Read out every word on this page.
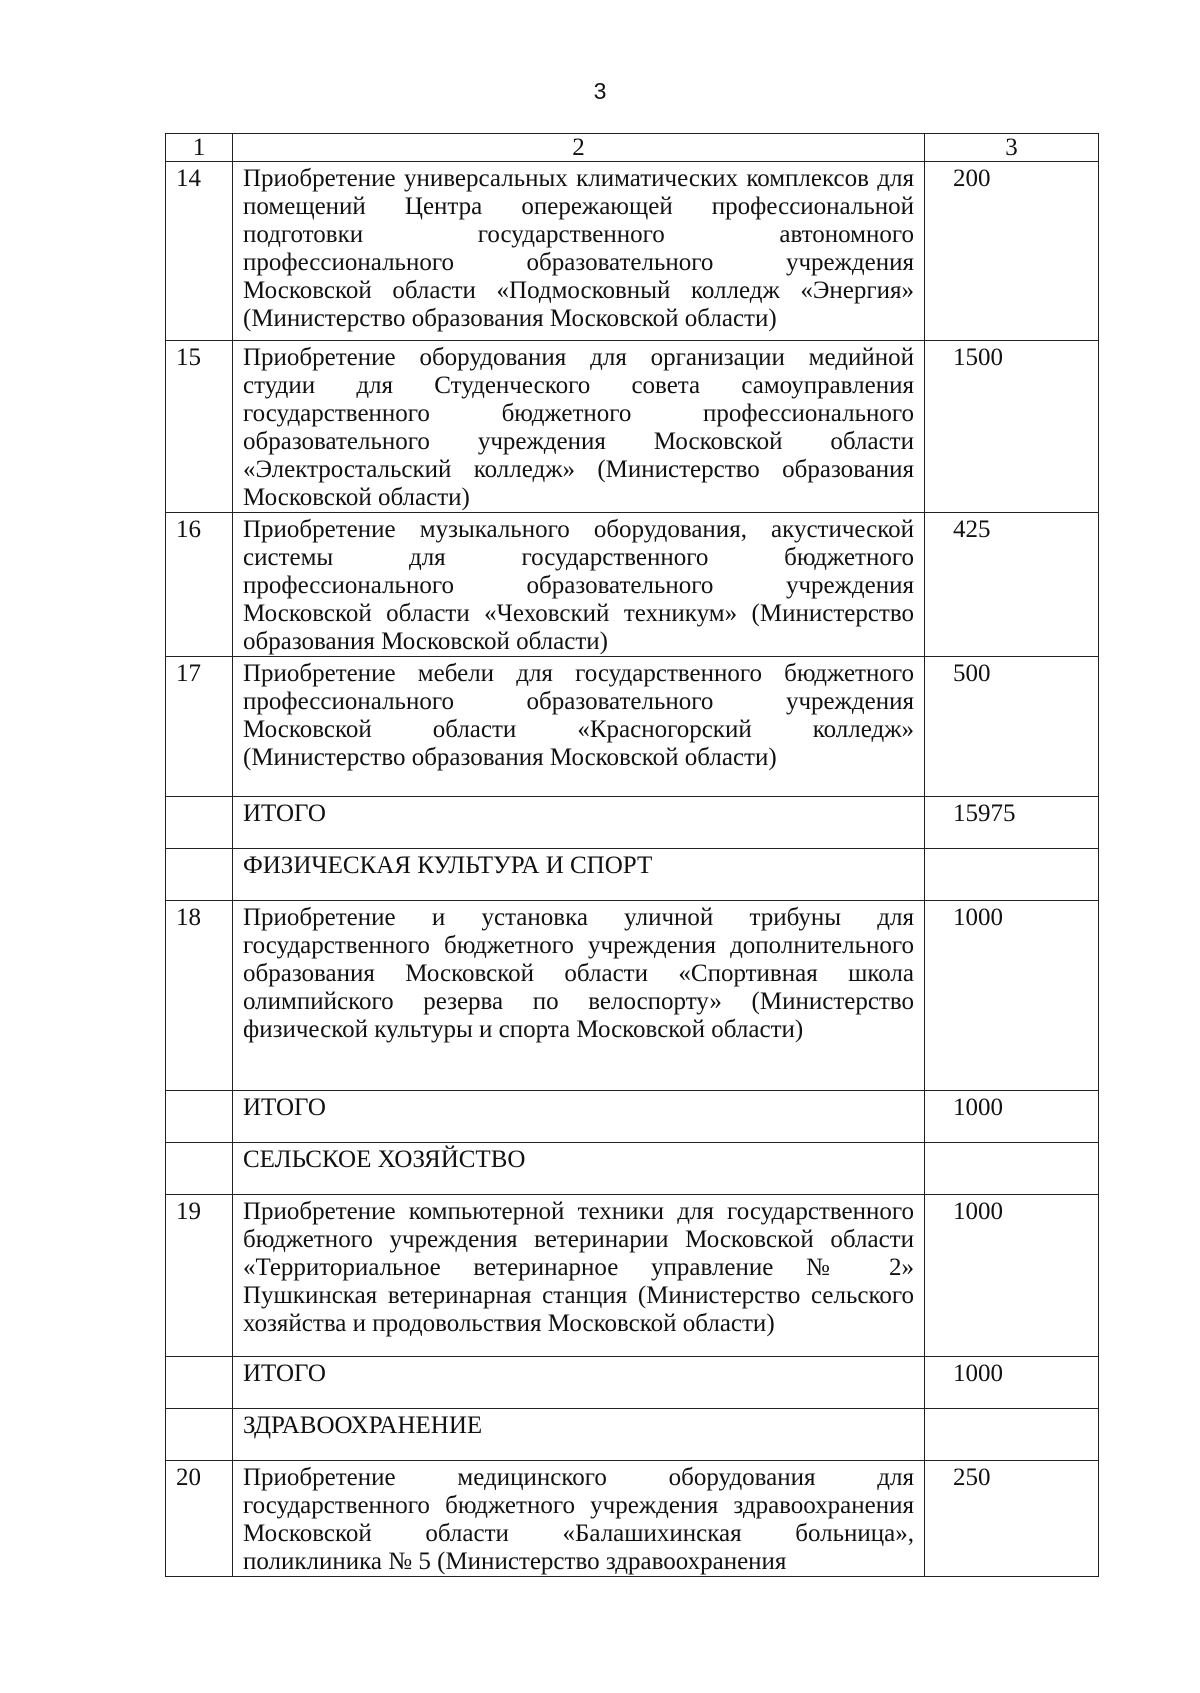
3
1	2	3
14	Приобретение универсальных климатических комплексов для помещений Центра опережающей профессиональной подготовки государственного автономного профессионального образовательного учреждения Московской области «Подмосковный колледж «Энергия» (Министерство образования Московской области)	200
15	Приобретение оборудования для организации медийной студии для Студенческого совета самоуправления государственного бюджетного профессионального образовательного учреждения Московской области «Электростальский колледж» (Министерство образования Московской области)	1500
16	Приобретение музыкального оборудования, акустической системы для государственного бюджетного профессионального образовательного учреждения Московской области «Чеховский техникум» (Министерство образования Московской области)	425
17	Приобретение мебели для государственного бюджетного профессионального образовательного учреждения Московской области «Красногорский колледж» (Министерство образования Московской области)	500
	ИТОГО	15975
	ФИЗИЧЕСКАЯ КУЛЬТУРА И СПОРТ	
18	Приобретение и установка уличной трибуны для государственного бюджетного учреждения дополнительного образования Московской области «Спортивная школа олимпийского резерва по велоспорту» (Министерство физической культуры и спорта Московской области)	1000
	ИТОГО	1000
	СЕЛЬСКОЕ ХОЗЯЙСТВО	
19	Приобретение компьютерной техники для государственного бюджетного учреждения ветеринарии Московской области «Территориальное ветеринарное управление № 2» Пушкинская ветеринарная станция (Министерство сельского хозяйства и продовольствия Московской области)	1000
	ИТОГО	1000
	ЗДРАВООХРАНЕНИЕ	
20	Приобретение медицинского оборудования для государственного бюджетного учреждения здравоохранения Московской области «Балашихинская больница», поликлиника № 5 (Министерство здравоохранения	250
